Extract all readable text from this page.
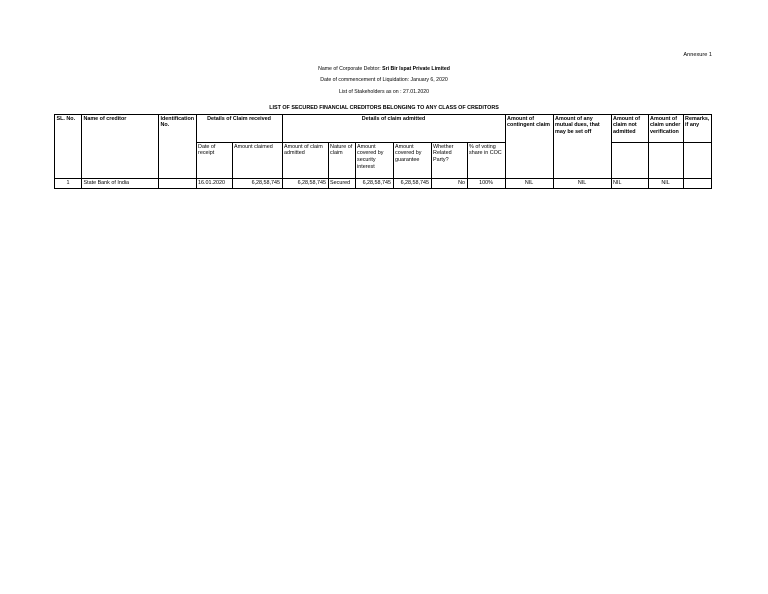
Annexure 1
Name of Corporate Debtor: Sri Bir Ispat Private Limited
Date of commencement of Liquidation: January 6, 2020
List of Stakeholders as on : 27.01.2020
LIST OF SECURED FINANCIAL CREDITORS BELONGING TO ANY CLASS OF CREDITORS
SL. No.	Name of creditor	Identification No.	Details of Claim received		Details of claim admitted						Amount of contingent claim	Amount of any mutual dues, that may be set off	Amount of claim not admitted	Amount of claim under verification	Remarks, if any
			Date of receipt	Amount claimed	Amount of claim admitted	Nature of claim	Amount covered by security interest	Amount covered by guarantee	Whether Related Party?	% of voting share in COC					
1	State Bank of India		16.01.2020	6,28,58,745	6,28,58,745	Secured	6,28,58,745	6,28,58,745	No	100%	NIL	NIL	NIL	NIL	
